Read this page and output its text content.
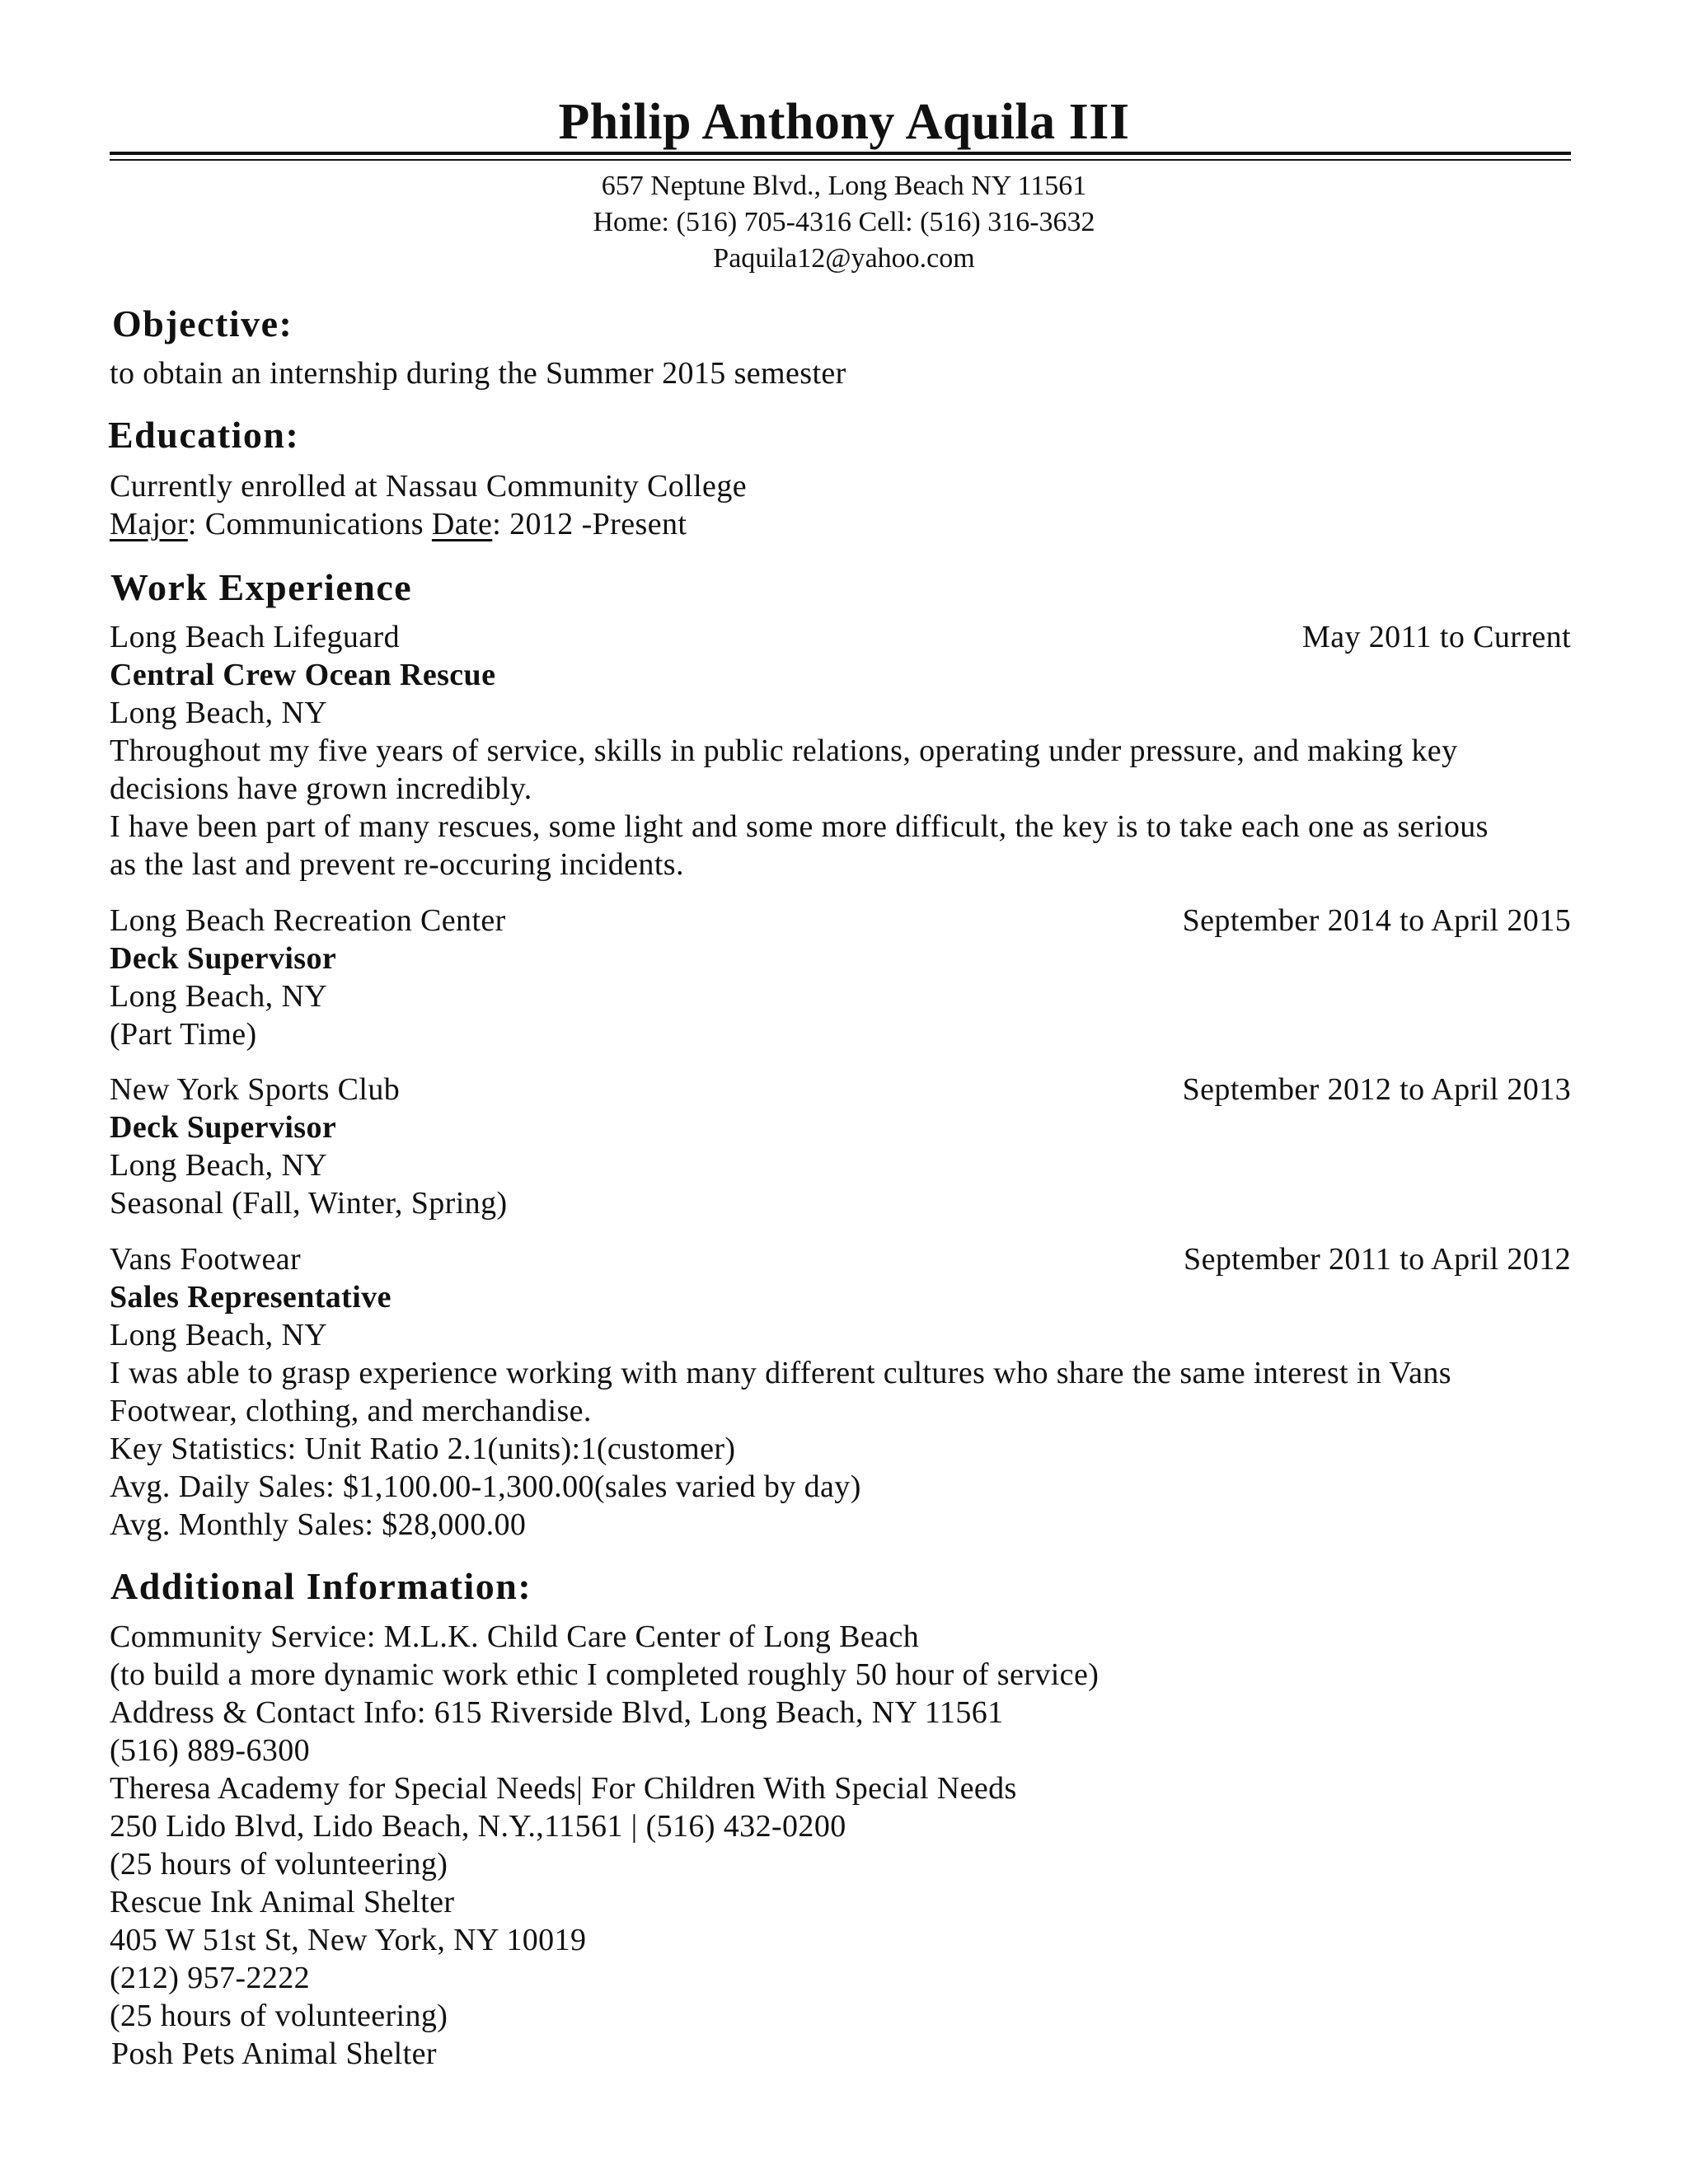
Philip Anthony Aquila III
657 Neptune Blvd., Long Beach NY 11561
Home: (516) 705-4316 Cell: (516) 316-3632
Paquila12@yahoo.com
Objective:
to obtain an internship during the Summer 2015 semester
Education:
Currently enrolled at Nassau Community College
Major: Communications Date: 2012 -Present
Work Experience
Long Beach Lifeguard	May 2011 to Current
Central Crew Ocean Rescue
Long Beach, NY
Throughout my five years of service, skills in public relations, operating under pressure, and making key
decisions have grown incredibly.
I have been part of many rescues, some light and some more difficult, the key is to take each one as serious
as the last and prevent re-occuring incidents.
Long Beach Recreation Center	September 2014 to April 2015
Deck Supervisor
Long Beach, NY
(Part Time)
New York Sports Club	September 2012 to April 2013
Deck Supervisor
Long Beach, NY
Seasonal (Fall, Winter, Spring)
Vans Footwear	September 2011 to April 2012
Sales Representative
Long Beach, NY
I was able to grasp experience working with many different cultures who share the same interest in Vans
Footwear, clothing, and merchandise.
Key Statistics: Unit Ratio 2.1(units):1(customer)
Avg. Daily Sales: $1,100.00-1,300.00(sales varied by day)
Avg. Monthly Sales: $28,000.00
Additional Information:
Community Service: M.L.K. Child Care Center of Long Beach
(to build a more dynamic work ethic I completed roughly 50 hour of service)
Address & Contact Info: 615 Riverside Blvd, Long Beach, NY 11561
(516) 889-6300
Theresa Academy for Special Needs| For Children With Special Needs
250 Lido Blvd, Lido Beach, N.Y.,11561 | (516) 432-0200
(25 hours of volunteering)
Rescue Ink Animal Shelter
405 W 51st St, New York, NY 10019
(212) 957-2222
(25 hours of volunteering)
Posh Pets Animal Shelter
